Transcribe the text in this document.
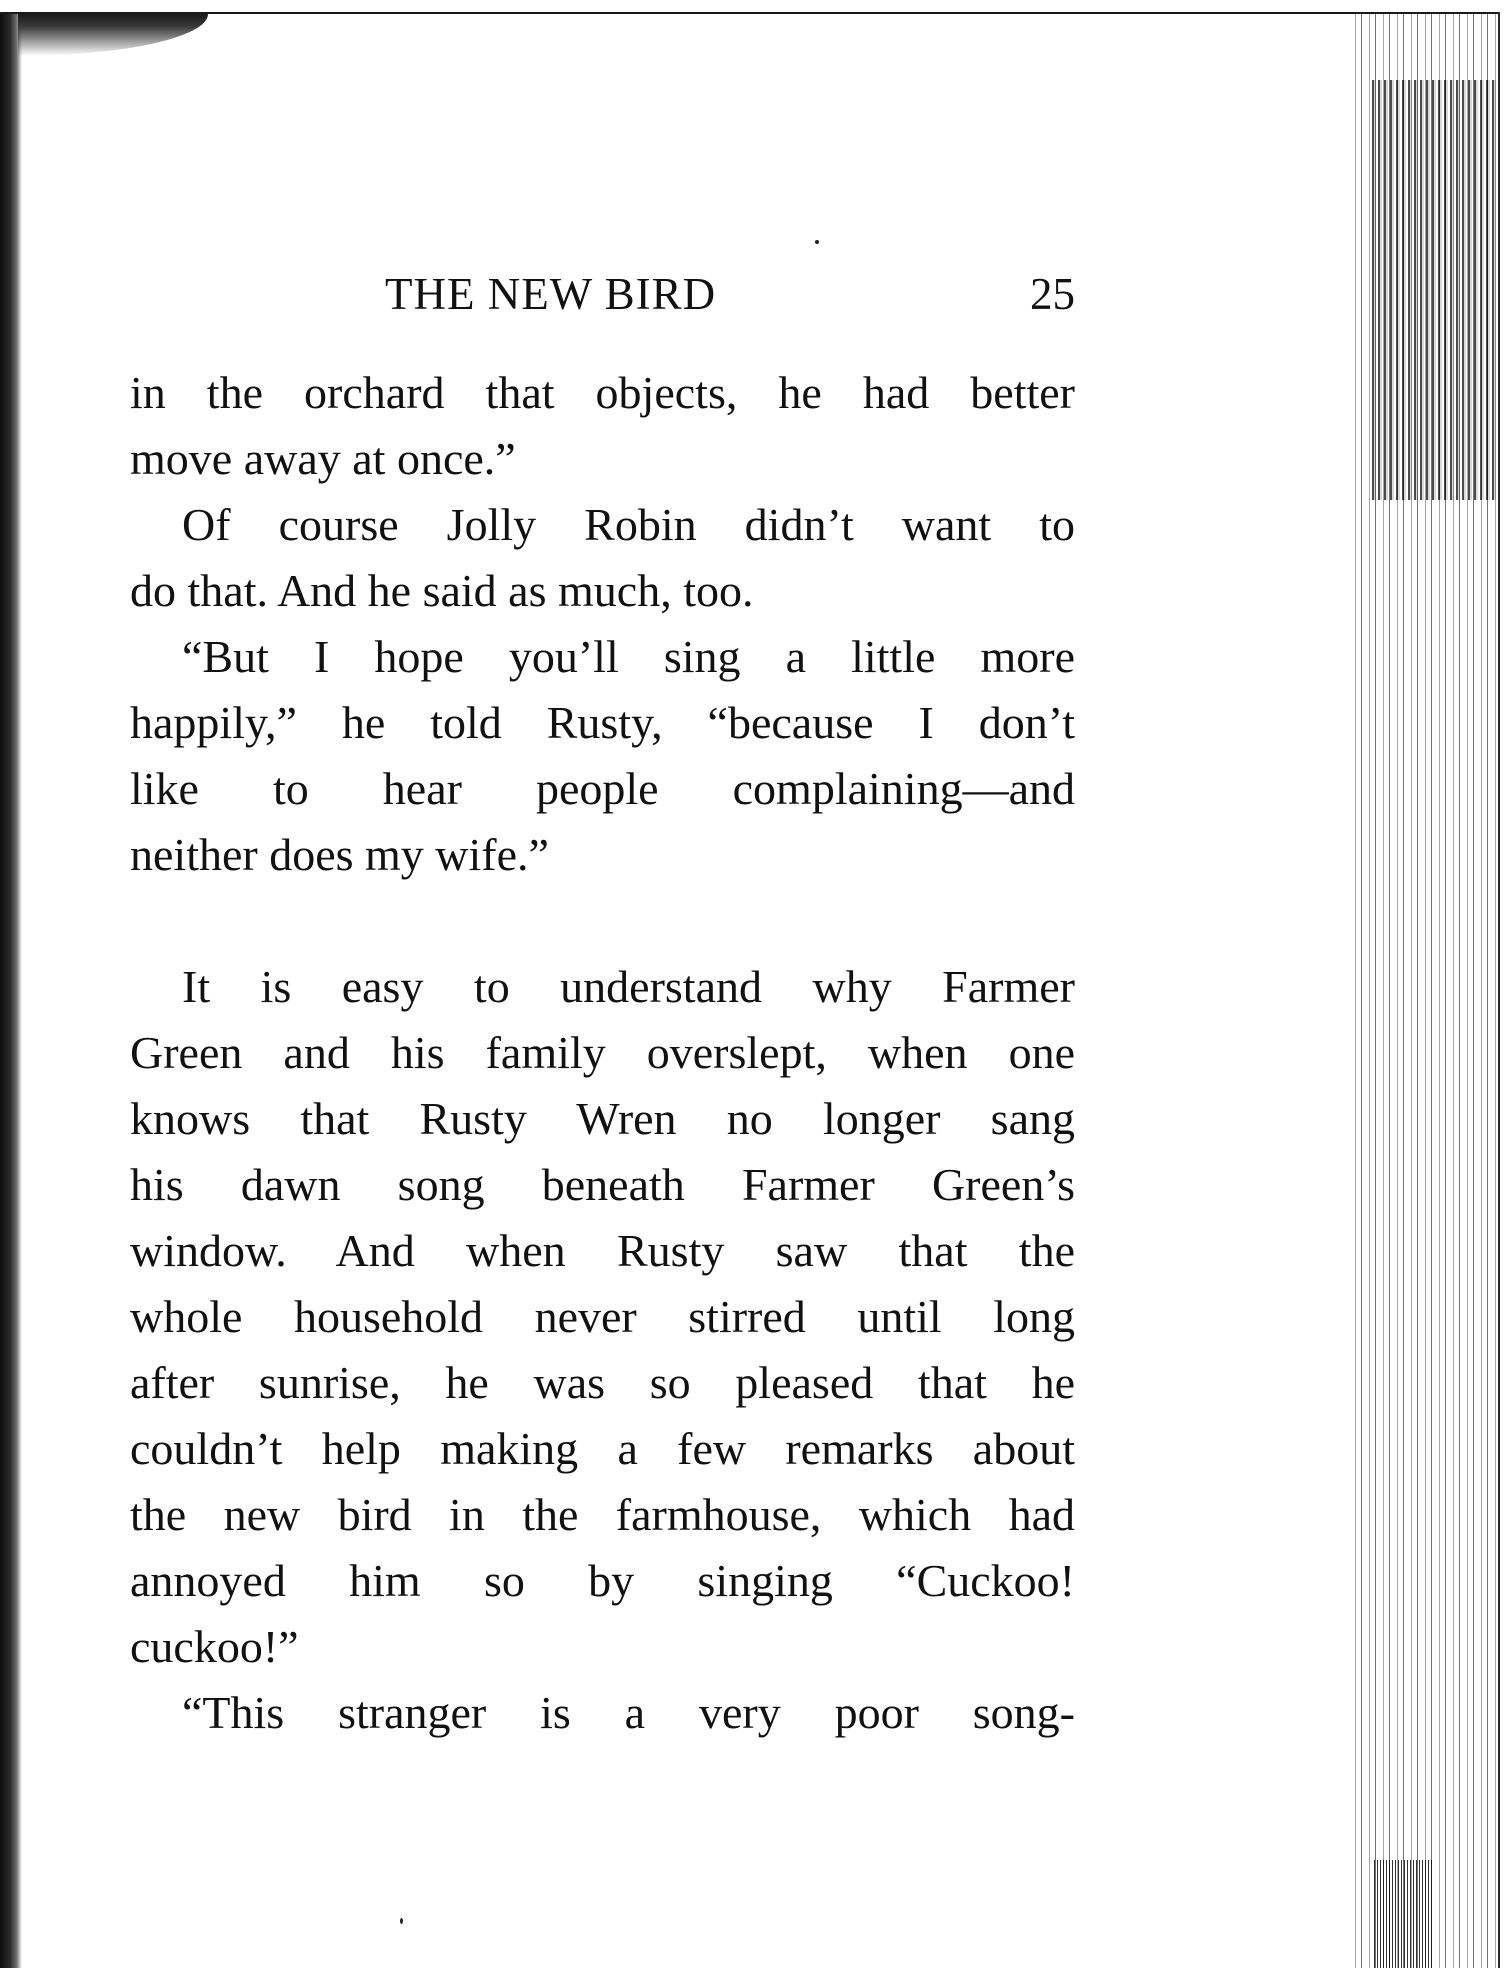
THE NEW BIRD	25
in the orchard that objects, he had better
move away at once.”
Of course Jolly Robin didn’t want to
do that. And he said as much, too.
“But I hope you’ll sing a little more
happily,” he told Rusty, “because I don’t
like to hear people complaining—and
neither does my wife.”
It is easy to understand why Farmer
Green and his family overslept, when one
knows that Rusty Wren no longer sang
his dawn song beneath Farmer Green’s
window. And when Rusty saw that the
whole household never stirred until long
after sunrise, he was so pleased that he
couldn’t help making a few remarks about
the new bird in the farmhouse, which had
annoyed him so by singing “Cuckoo!
cuckoo!”
“This stranger is a very poor song-
